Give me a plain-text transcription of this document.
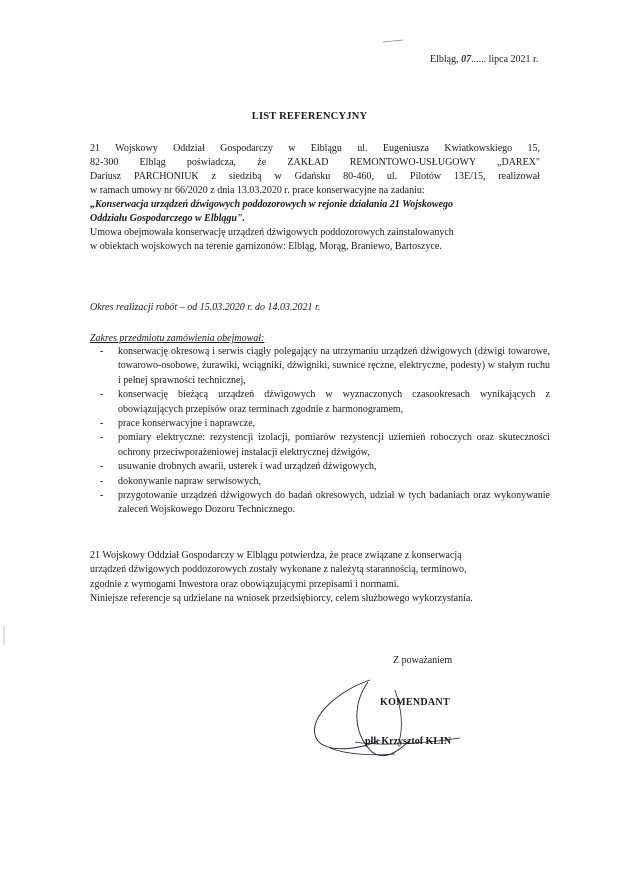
Elbląg, 07...... lipca 2021 r.
LIST REFERENCYJNY

21 Wojskowy Oddział Gospodarczy w Elblągu ul. Eugeniusza Kwiatkowskiego 15,

82-300 Elbląg poświadcza, że ZAKŁAD REMONTOWO-USŁUGOWY „DAREX"

Dariusz PARCHONIUK z siedzibą w Gdańsku 80-460, ul. Pilotów 13E/15, realizował

w ramach umowy nr 66/2020 z dnia 13.03.2020 r. prace konserwacyjne na zadaniu:

„Konserwacja urządzeń dźwigowych poddozorowych w rejonie działania 21 Wojskowego

Oddziału Gospodarczego w Elblągu".

Umowa obejmowała konserwację urządzeń dźwigowych poddozorowych zainstalowanych

w obiektach wojskowych na terenie garnizonów: Elbląg, Morąg, Braniewo, Bartoszyce.

Okres realizacji robót – od 15.03.2020 r. do 14.03.2021 r.
Zakres przedmiotu zamówienia obejmował:
- konserwację okresową i serwis ciągły polegający na utrzymaniu urządzeń dźwigowych (dźwigi towarowe, towarowo-osobowe, żurawiki, wciągniki, dźwigniki, suwnice ręczne, elektryczne, podesty) w stałym ruchu i pełnej sprawności technicznej,
- konserwację bieżącą urządzeń dźwigowych w wyznaczonych czasookresach wynikających z obowiązujących przepisów oraz terminach zgodnie z harmonogramem,
- prace konserwacyjne i naprawcze,
- pomiary elektryczne: rezystencji izolacji, pomiarów rezystencji uziemień roboczych oraz skuteczności ochrony przeciwporażeniowej instalacji elektrycznej dźwigów,
- usuwanie drobnych awarii, usterek i wad urządzeń dźwigowych,
- dokonywanie napraw serwisowych,
- przygotowanie urządzeń dźwigowych do badań okresowych, udział w tych badaniach oraz wykonywanie zaleceń Wojskowego Dozoru Technicznego.

21 Wojskowy Oddział Gospodarczy w Elblągu potwierdza, że prace związane z konserwacją

urządzeń dźwigowych poddozorowych zostały wykonane z należytą starannością, terminowo,

zgodnie z wymogami Inwestora oraz obowiązującymi przepisami i normami.

Niniejsze referencje są udzielane na wniosek przedsiębiorcy, celem służbowego wykorzystania.

Z poważaniem
KOMENDANT
płk Krzysztof KLIN
